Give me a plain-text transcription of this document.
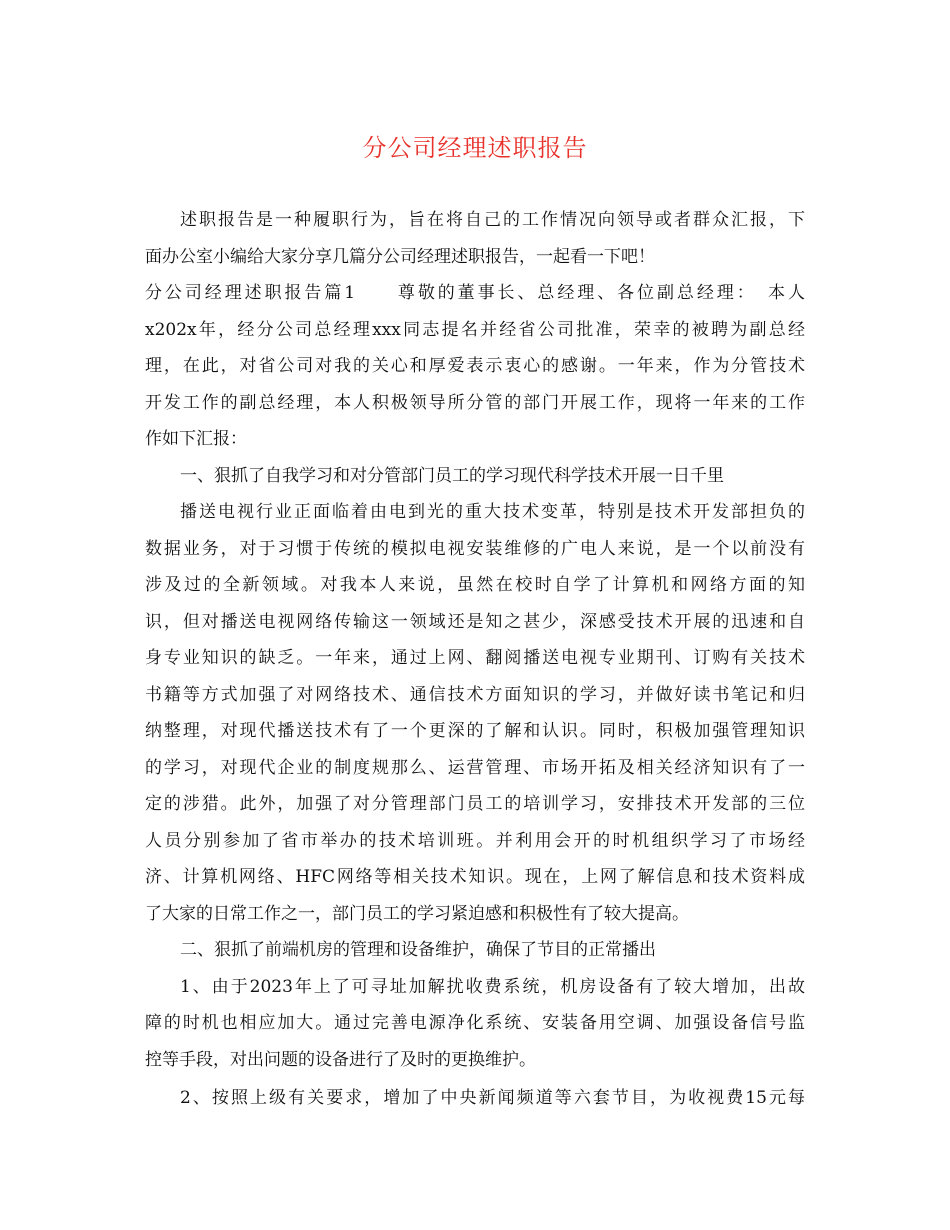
分公司经理述职报告
述职报告是一种履职行为，旨在将自己的工作情况向领导或者群众汇报，下
面办公室小编给大家分享几篇分公司经理述职报告，一起看一下吧！
分公司经理述职报告篇1　　尊敬的董事长、总经理、各位副总经理：　本人
x202x年，经分公司总经理xxx同志提名并经省公司批准，荣幸的被聘为副总经
理，在此，对省公司对我的关心和厚爱表示衷心的感谢。一年来，作为分管技术
开发工作的副总经理，本人积极领导所分管的部门开展工作，现将一年来的工作
作如下汇报：
一、狠抓了自我学习和对分管部门员工的学习现代科学技术开展一日千里
播送电视行业正面临着由电到光的重大技术变革，特别是技术开发部担负的
数据业务，对于习惯于传统的模拟电视安装维修的广电人来说，是一个以前没有
涉及过的全新领域。对我本人来说，虽然在校时自学了计算机和网络方面的知
识，但对播送电视网络传输这一领域还是知之甚少，深感受技术开展的迅速和自
身专业知识的缺乏。一年来，通过上网、翻阅播送电视专业期刊、订购有关技术
书籍等方式加强了对网络技术、通信技术方面知识的学习，并做好读书笔记和归
纳整理，对现代播送技术有了一个更深的了解和认识。同时，积极加强管理知识
的学习，对现代企业的制度规那么、运营管理、市场开拓及相关经济知识有了一
定的涉猎。此外，加强了对分管理部门员工的培训学习，安排技术开发部的三位
人员分别参加了省市举办的技术培训班。并利用会开的时机组织学习了市场经
济、计算机网络、HFC网络等相关技术知识。现在，上网了解信息和技术资料成
了大家的日常工作之一，部门员工的学习紧迫感和积极性有了较大提高。
二、狠抓了前端机房的管理和设备维护，确保了节目的正常播出
1、由于2023年上了可寻址加解扰收费系统，机房设备有了较大增加，出故
障的时机也相应加大。通过完善电源净化系统、安装备用空调、加强设备信号监
控等手段，对出问题的设备进行了及时的更换维护。
2、按照上级有关要求，增加了中央新闻频道等六套节目，为收视费15元每
